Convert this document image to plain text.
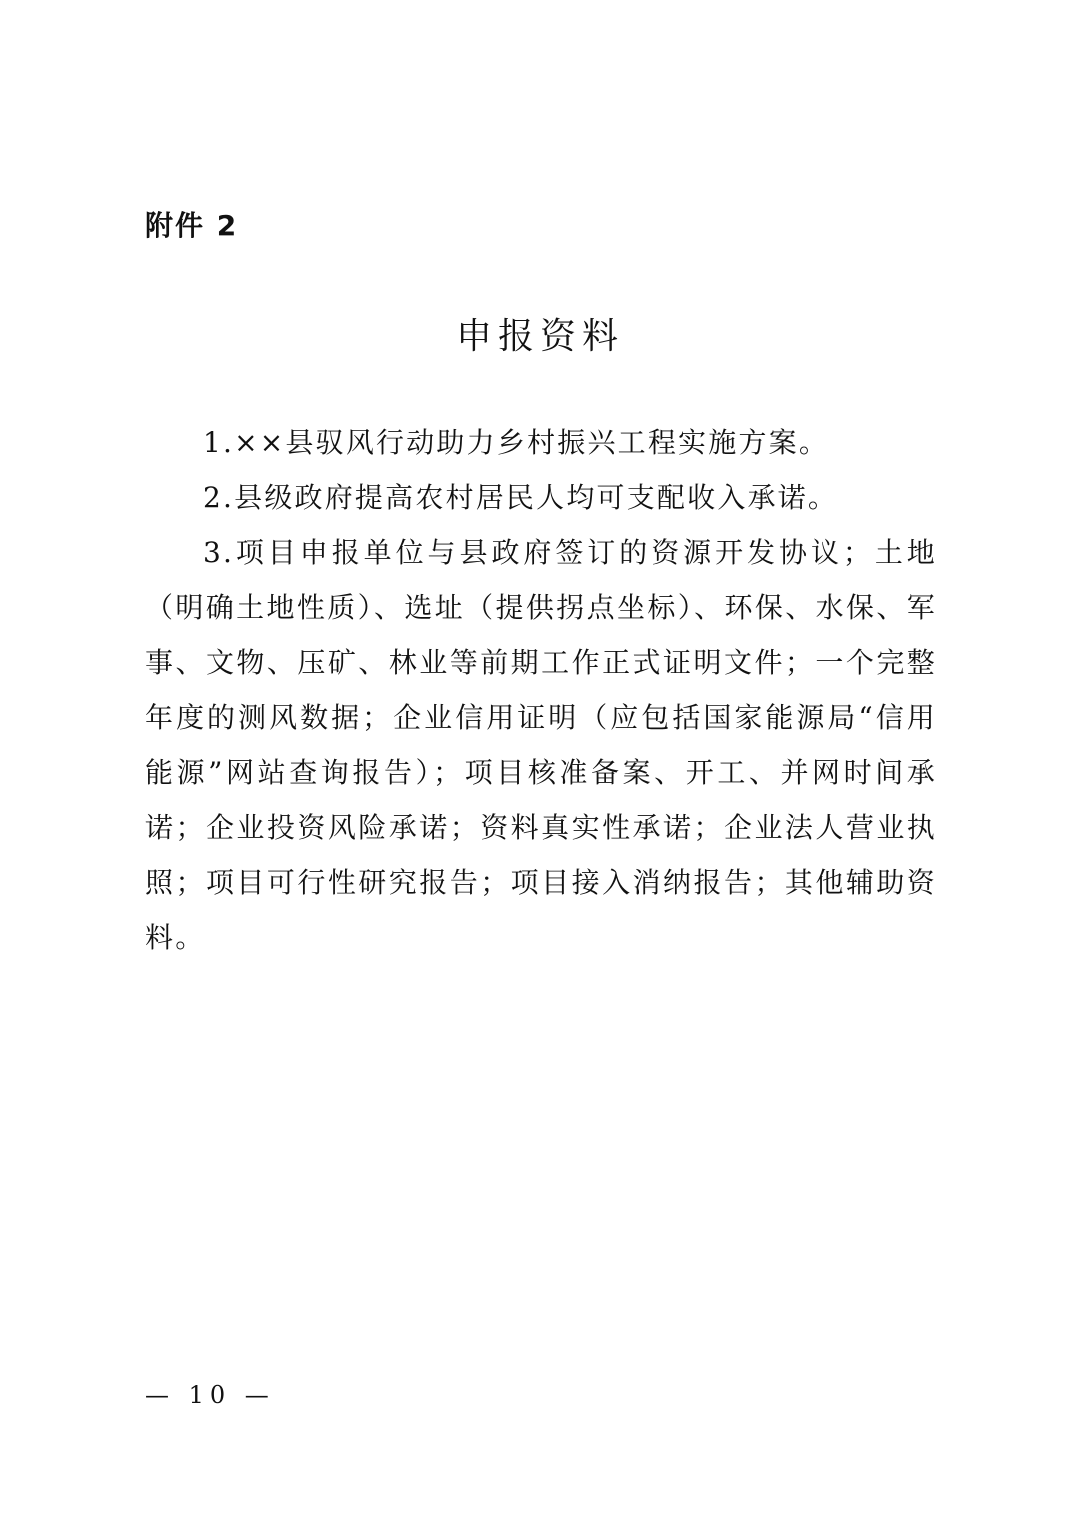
附件 2
申报资料

1.××县驭风行动助力乡村振兴工程实施方案。

2.县级政府提高农村居民人均可支配收入承诺。

3.项目申报单位与县政府签订的资源开发协议；土地（明确土地性质）、选址（提供拐点坐标）、环保、水保、军事、文物、压矿、林业等前期工作正式证明文件；一个完整年度的测风数据；企业信用证明（应包括国家能源局“信用能源”网站查询报告）；项目核准备案、开工、并网时间承诺；企业投资风险承诺；资料真实性承诺；企业法人营业执照；项目可行性研究报告；项目接入消纳报告；其他辅助资料。

— 10 —
